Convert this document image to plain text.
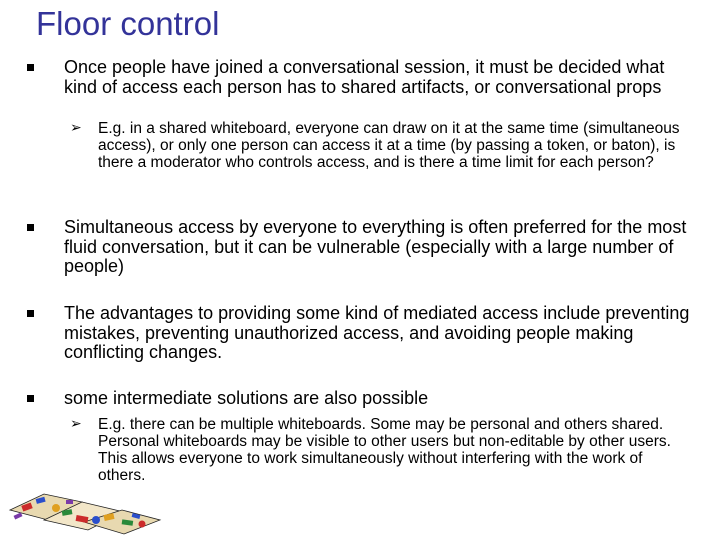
Floor control
Once people have joined a conversational session, it must be decided what kind of access each person has to shared artifacts, or conversational props
➢ E.g. in a shared whiteboard, everyone can draw on it at the same time (simultaneous access), or only one person can access it at a time (by passing a token, or baton), is there a moderator who controls access, and is there a time limit for each person?
Simultaneous access by everyone to everything is often preferred for the most fluid conversation, but it can be vulnerable (especially with a large number of people)
The advantages to providing some kind of mediated access include preventing mistakes, preventing unauthorized access, and avoiding people making conflicting changes.
some intermediate solutions are also possible
➢ E.g. there can be multiple whiteboards. Some may be personal and others shared. Personal whiteboards may be visible to other users but non-editable by other users. This allows everyone to work simultaneously without interfering with the work of others.
